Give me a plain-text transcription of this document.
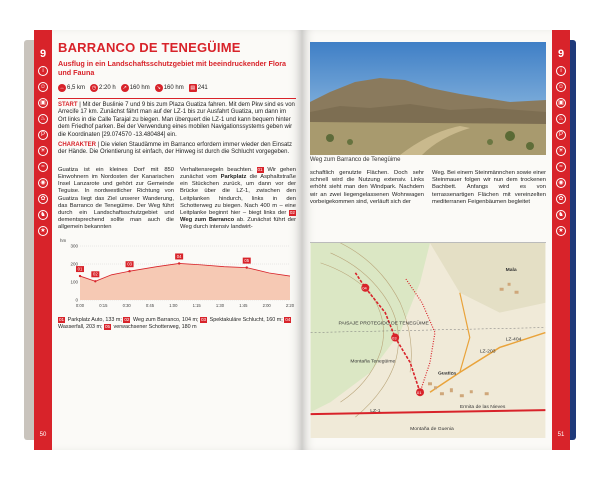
9
i
☺
▣
♨
P
☀
≈
◉
✿
♞
★
50
BARRANCO DE TENEGÜIME
Ausflug in ein Landschaftsschutzgebiet mit beeindruckender Flora und Fauna
↔ 6,5 km	◷ 2:20 h	↗ 160 hm	↘ 160 hm	▤ 241

START | Mit der Buslinie 7 und 9 bis zum Plaza Guatiza fahren. Mit dem Pkw sind es von Arrecife 17 km. Zunächst fährt man auf der LZ-1 bis zur Ausfahrt Guatiza, um dann im Ort links in die Calle Tarajal zu biegen. Man überquert die LZ-1 und kann bequem hinter dem Friedhof parken. Bei der Verwendung eines mobilen Navigationssystems geben wir die Koordinaten [29.074570 -13.480484] ein.

CHARAKTER | Die vielen Staudämme im Barranco erfordern immer wieder den Einsatz der Hände. Die Orientierung ist einfach, der Hinweg ist durch die Schlucht vorgegeben.

Guatiza ist ein kleines Dorf mit 850 Einwohnern im Nordosten der Kanarischen Insel Lanzarote und gehört zur Gemeinde Teguise. In nordwestlicher Richtung von Guatiza liegt das Ziel unserer Wanderung, das Barranco de Tenegüime. Der Weg führt durch ein Landschaftsschutzgebiet und dementsprechend sollte man auch die allgemein bekannten
Verhaltensregeln beachten. 01 Wir gehen zunächst vom Parkplatz die Asphaltstraße ein Stückchen zurück, um dann vor der Brücke über die LZ-1, zwischen den Leitplanken hindurch, links in den Schotterweg zu biegen. Nach 400 m – eine Leitplanke beginnt hier – biegt links der 02 Weg zum Barranco ab. Zunächst führt der Weg durch intensiv landwirt-
hm
0
100
200
300
0:00	0:15	0:30	0:45	1:00	1:15	1:30	1:45	2:00	2:20
01
02
03
04
05
01 Parkplatz Auto, 133 m; 02 Weg zum Barranco, 104 m; 03 Spektakuläre Schlucht, 160 m; 04 Wasserfall, 203 m; 05 verwachsener Schotterweg, 180 m
9
i
☺
▣
♨
P
☀
≈
◉
✿
♞
★
51
Weg zum Barranco de Tenegüime
schaftlich genutzte Flächen. Doch sehr schnell wird die Nutzung extensiv. Links erhöht sieht man den Windpark. Nachdem wir an zwei liegengelassenen Wohnwagen vorbeigekommen sind, verläuft sich der
Weg. Bei einem Steinmännchen sowie einer Steinmauer folgen wir nun dem trockenen Bachbett. Anfangs wird es von terrassenartigen Flächen mit vereinzelten mediterranen Feigenbäumen begleitet
01
03
04
Guatiza
Mala
PAISAJE PROTEGIDO DE TENEGÜIME
LZ-1
LZ-404
Montaña de Guenia
Ermita de las Nieves
Montaña Tenegüime
LZ-203
